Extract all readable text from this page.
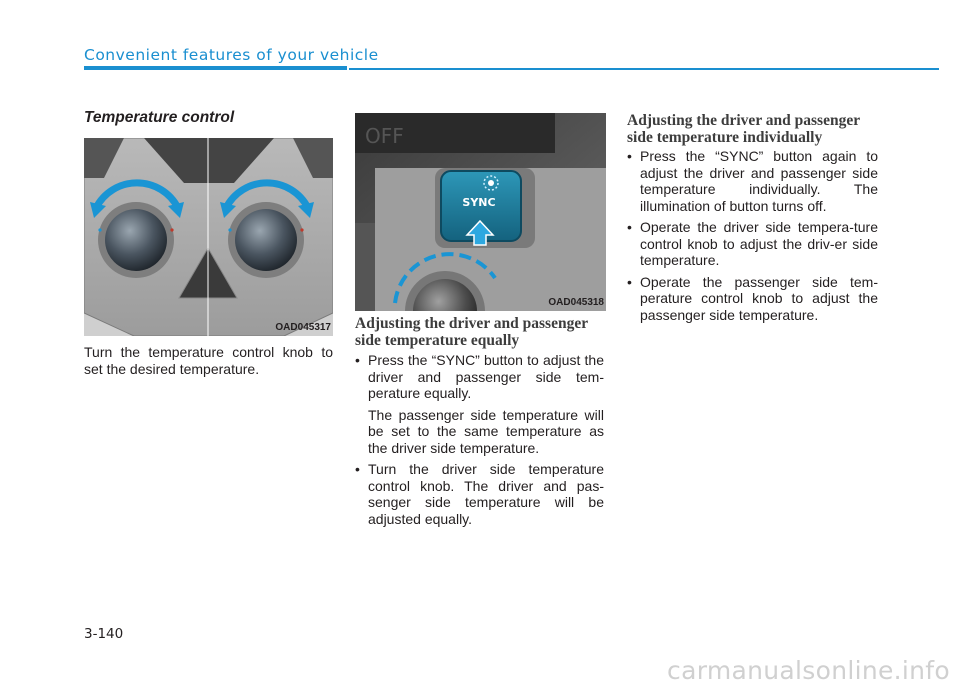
Convenient features of your vehicle
Temperature control
OAD045317

Turn the temperature control knob to set the desired temperature.

OFF
SYNC
OAD045318

Adjusting the driver and passenger

side temperature equally

• Press the “SYNC” button to adjust the driver and passenger side tem-perature equally.

The passenger side temperature will be set to the same temperature as the driver side temperature.

• Turn the driver side temperature control knob. The driver and pas-senger side temperature will be adjusted equally.

Adjusting the driver and passenger

side temperature individually

• Press the “SYNC” button again to adjust the driver and passenger side temperature individually. The illumination of button turns off.

• Operate the driver side tempera-ture control knob to adjust the driv-er side temperature.

• Operate the passenger side tem-perature control knob to adjust the passenger side temperature.

3-140
carmanualsonline.info
